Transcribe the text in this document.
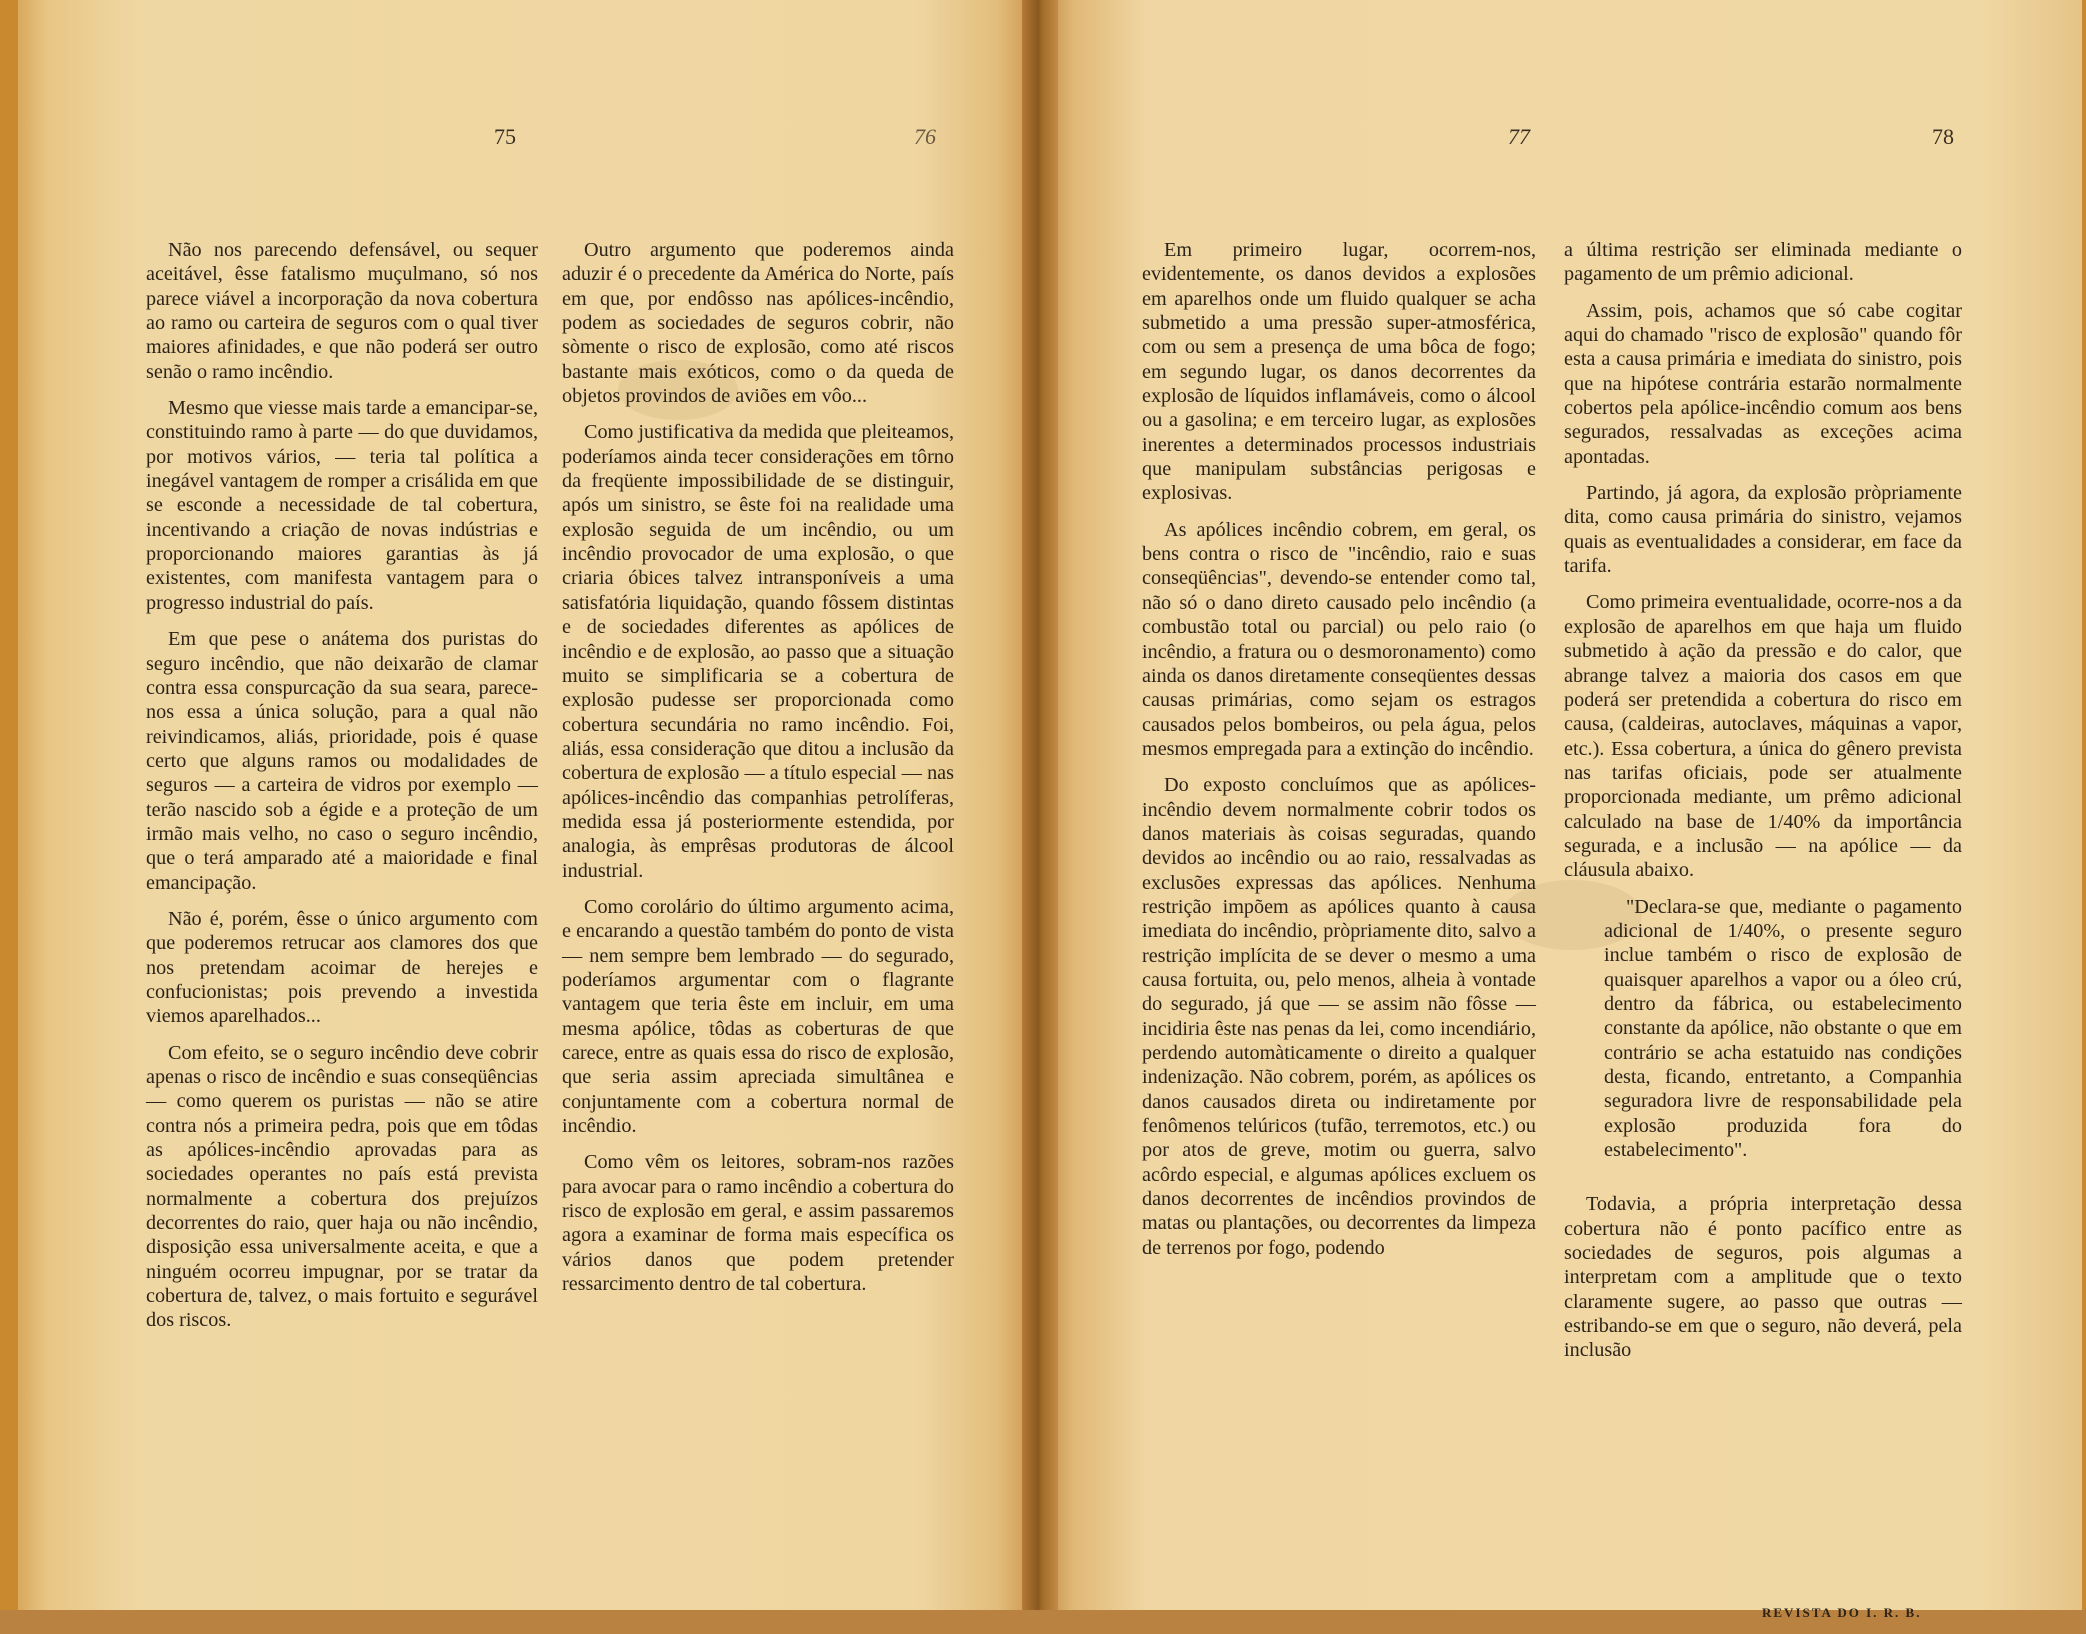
75	76	77	78

Não nos parecendo defensável, ou sequer aceitável, êsse fatalismo muçulmano, só nos parece viável a incorporação da nova cobertura ao ramo ou carteira de seguros com o qual tiver maiores afinidades, e que não poderá ser outro senão o ramo incêndio.

Mesmo que viesse mais tarde a emancipar-se, constituindo ramo à parte — do que duvidamos, por motivos vários, — teria tal política a inegável vantagem de romper a crisálida em que se esconde a necessidade de tal cobertura, incentivando a criação de novas indústrias e proporcionando maiores garantias às já existentes, com manifesta vantagem para o progresso industrial do país.

Em que pese o anátema dos puristas do seguro incêndio, que não deixarão de clamar contra essa conspurcação da sua seara, parece-nos essa a única solução, para a qual não reivindicamos, aliás, prioridade, pois é quase certo que alguns ramos ou modalidades de seguros — a carteira de vidros por exemplo — terão nascido sob a égide e a proteção de um irmão mais velho, no caso o seguro incêndio, que o terá amparado até a maioridade e final emancipação.

Não é, porém, êsse o único argumento com que poderemos retrucar aos clamores dos que nos pretendam acoimar de herejes e confucionistas; pois prevendo a investida viemos aparelhados...

Com efeito, se o seguro incêndio deve cobrir apenas o risco de incêndio e suas conseqüências — como querem os puristas — não se atire contra nós a primeira pedra, pois que em tôdas as apólices-incêndio aprovadas para as sociedades operantes no país está prevista normalmente a cobertura dos prejuízos decorrentes do raio, quer haja ou não incêndio, disposição essa universalmente aceita, e que a ninguém ocorreu impugnar, por se tratar da cobertura de, talvez, o mais fortuito e segurável dos riscos.

Outro argumento que poderemos ainda aduzir é o precedente da América do Norte, país em que, por endôsso nas apólices-incêndio, podem as sociedades de seguros cobrir, não sòmente o risco de explosão, como até riscos bastante mais exóticos, como o da queda de objetos provindos de aviões em vôo...

Como justificativa da medida que pleiteamos, poderíamos ainda tecer considerações em tôrno da freqüente impossibilidade de se distinguir, após um sinistro, se êste foi na realidade uma explosão seguida de um incêndio, ou um incêndio provocador de uma explosão, o que criaria óbices talvez intransponíveis a uma satisfatória liquidação, quando fôssem distintas e de sociedades diferentes as apólices de incêndio e de explosão, ao passo que a situação muito se simplificaria se a cobertura de explosão pudesse ser proporcionada como cobertura secundária no ramo incêndio. Foi, aliás, essa consideração que ditou a inclusão da cobertura de explosão — a título especial — nas apólices-incêndio das companhias petrolíferas, medida essa já posteriormente estendida, por analogia, às emprêsas produtoras de álcool industrial.

Como corolário do último argumento acima, e encarando a questão também do ponto de vista — nem sempre bem lembrado — do segurado, poderíamos argumentar com o flagrante vantagem que teria êste em incluir, em uma mesma apólice, tôdas as coberturas de que carece, entre as quais essa do risco de explosão, que seria assim apreciada simultânea e conjuntamente com a cobertura normal de incêndio.

Como vêm os leitores, sobram-nos razões para avocar para o ramo incêndio a cobertura do risco de explosão em geral, e assim passaremos agora a examinar de forma mais específica os vários danos que podem pretender ressarcimento dentro de tal cobertura.

Em primeiro lugar, ocorrem-nos, evidentemente, os danos devidos a explosões em aparelhos onde um fluido qualquer se acha submetido a uma pressão super-atmosférica, com ou sem a presença de uma bôca de fogo; em segundo lugar, os danos decorrentes da explosão de líquidos inflamáveis, como o álcool ou a gasolina; e em terceiro lugar, as explosões inerentes a determinados processos industriais que manipulam substâncias perigosas e explosivas.

As apólices incêndio cobrem, em geral, os bens contra o risco de "incêndio, raio e suas conseqüências", devendo-se entender como tal, não só o dano direto causado pelo incêndio (a combustão total ou parcial) ou pelo raio (o incêndio, a fratura ou o desmoronamento) como ainda os danos diretamente conseqüentes dessas causas primárias, como sejam os estragos causados pelos bombeiros, ou pela água, pelos mesmos empregada para a extinção do incêndio.

Do exposto concluímos que as apólices-incêndio devem normalmente cobrir todos os danos materiais às coisas seguradas, quando devidos ao incêndio ou ao raio, ressalvadas as exclusões expressas das apólices. Nenhuma restrição impõem as apólices quanto à causa imediata do incêndio, pròpriamente dito, salvo a restrição implícita de se dever o mesmo a uma causa fortuita, ou, pelo menos, alheia à vontade do segurado, já que — se assim não fôsse — incidiria êste nas penas da lei, como incendiário, perdendo automàticamente o direito a qualquer indenização. Não cobrem, porém, as apólices os danos causados direta ou indiretamente por fenômenos telúricos (tufão, terremotos, etc.) ou por atos de greve, motim ou guerra, salvo acôrdo especial, e algumas apólices excluem os danos decorrentes de incêndios provindos de matas ou plantações, ou decorrentes da limpeza de terrenos por fogo, podendo

a última restrição ser eliminada mediante o pagamento de um prêmio adicional.

Assim, pois, achamos que só cabe cogitar aqui do chamado "risco de explosão" quando fôr esta a causa primária e imediata do sinistro, pois que na hipótese contrária estarão normalmente cobertos pela apólice-incêndio comum aos bens segurados, ressalvadas as exceções acima apontadas.

Partindo, já agora, da explosão pròpriamente dita, como causa primária do sinistro, vejamos quais as eventualidades a considerar, em face da tarifa.

Como primeira eventualidade, ocorre-nos a da explosão de aparelhos em que haja um fluido submetido à ação da pressão e do calor, que abrange talvez a maioria dos casos em que poderá ser pretendida a cobertura do risco em causa, (caldeiras, autoclaves, máquinas a vapor, etc.). Essa cobertura, a única do gênero prevista nas tarifas oficiais, pode ser atualmente proporcionada mediante, um prêmo adicional calculado na base de 1/40% da importância segurada, e a inclusão — na apólice — da cláusula abaixo.

"Declara-se que, mediante o pagamento adicional de 1/40%, o presente seguro inclue também o risco de explosão de quaisquer aparelhos a vapor ou a óleo crú, dentro da fábrica, ou estabelecimento constante da apólice, não obstante o que em contrário se acha estatuido nas condições desta, ficando, entretanto, a Companhia seguradora livre de responsabilidade pela explosão produzida fora do estabelecimento".

Todavia, a própria interpretação dessa cobertura não é ponto pacífico entre as sociedades de seguros, pois algumas a interpretam com a amplitude que o texto claramente sugere, ao passo que outras — estribando-se em que o seguro, não deverá, pela inclusão

REVISTA DO I. R. B.
